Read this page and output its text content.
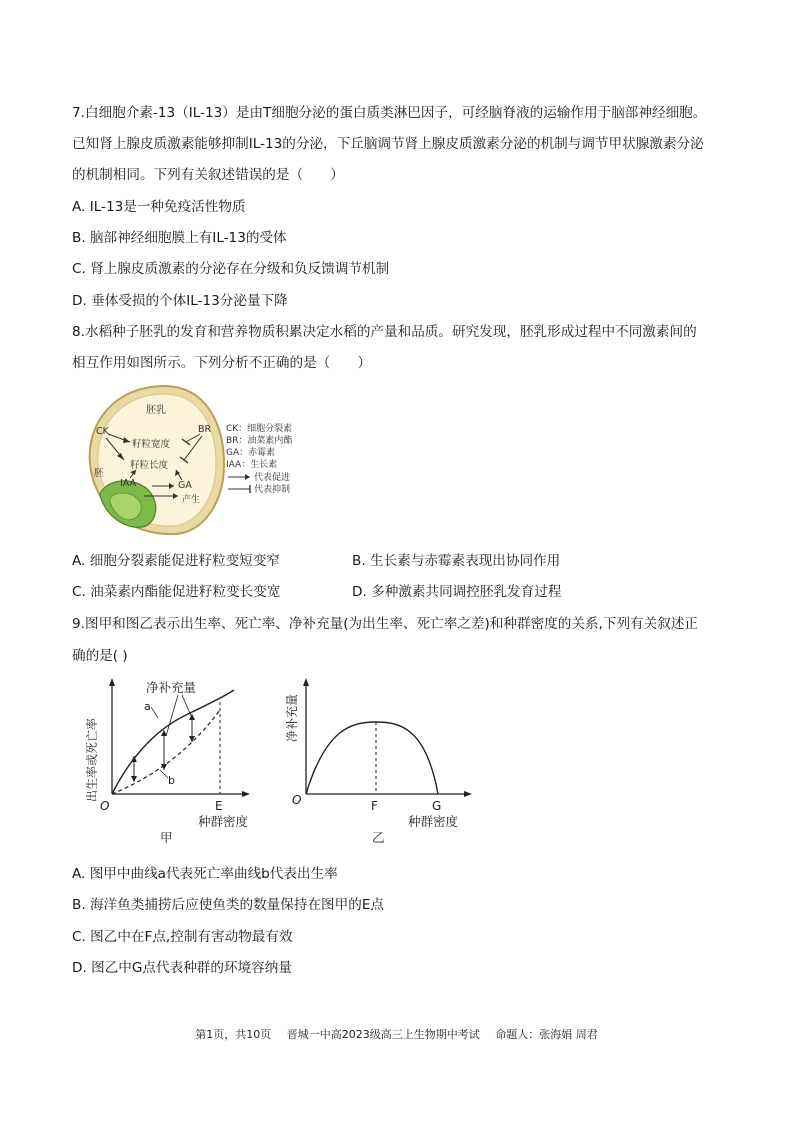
7.白细胞介素-13（IL-13）是由T细胞分泌的蛋白质类淋巴因子，可经脑脊液的运输作用于脑部神经细胞。
已知肾上腺皮质激素能够抑制IL-13的分泌，下丘脑调节肾上腺皮质激素分泌的机制与调节甲状腺激素分泌
的机制相同。下列有关叙述错误的是（　　）
A. IL-13是一种免疫活性物质
B. 脑部神经细胞膜上有IL-13的受体
C. 肾上腺皮质激素的分泌存在分级和负反馈调节机制
D. 垂体受损的个体IL-13分泌量下降
8.水稻种子胚乳的发育和营养物质积累决定水稻的产量和品质。研究发现，胚乳形成过程中不同激素间的
相互作用如图所示。下列分析不正确的是（　　）
胚乳
CK	BR
籽粒宽度
籽粒长度
胚
IAA	GA
产生
CK：细胞分裂素
BR：油菜素内酯
GA：赤霉素
IAA：生长素
代表促进
代表抑制
A. 细胞分裂素能促进籽粒变短变窄	B. 生长素与赤霉素表现出协同作用
C. 油菜素内酯能促进籽粒变长变宽	D. 多种激素共同调控胚乳发育过程
9.图甲和图乙表示出生率、死亡率、净补充量(为出生率、死亡率之差)和种群密度的关系,下列有关叙述正
确的是( )
出生率或死亡率
净补充量
a
b
O	E
种群密度
甲
净补充量
O	F	G
种群密度
乙
A. 图甲中曲线a代表死亡率曲线b代表出生率
B. 海洋鱼类捕捞后应使鱼类的数量保持在图甲的E点
C. 图乙中在F点,控制有害动物最有效
D. 图乙中G点代表种群的环境容纳量
第1页，共10页 晋城一中高2023级高三上生物期中考试 命题人：张海娟 周君
